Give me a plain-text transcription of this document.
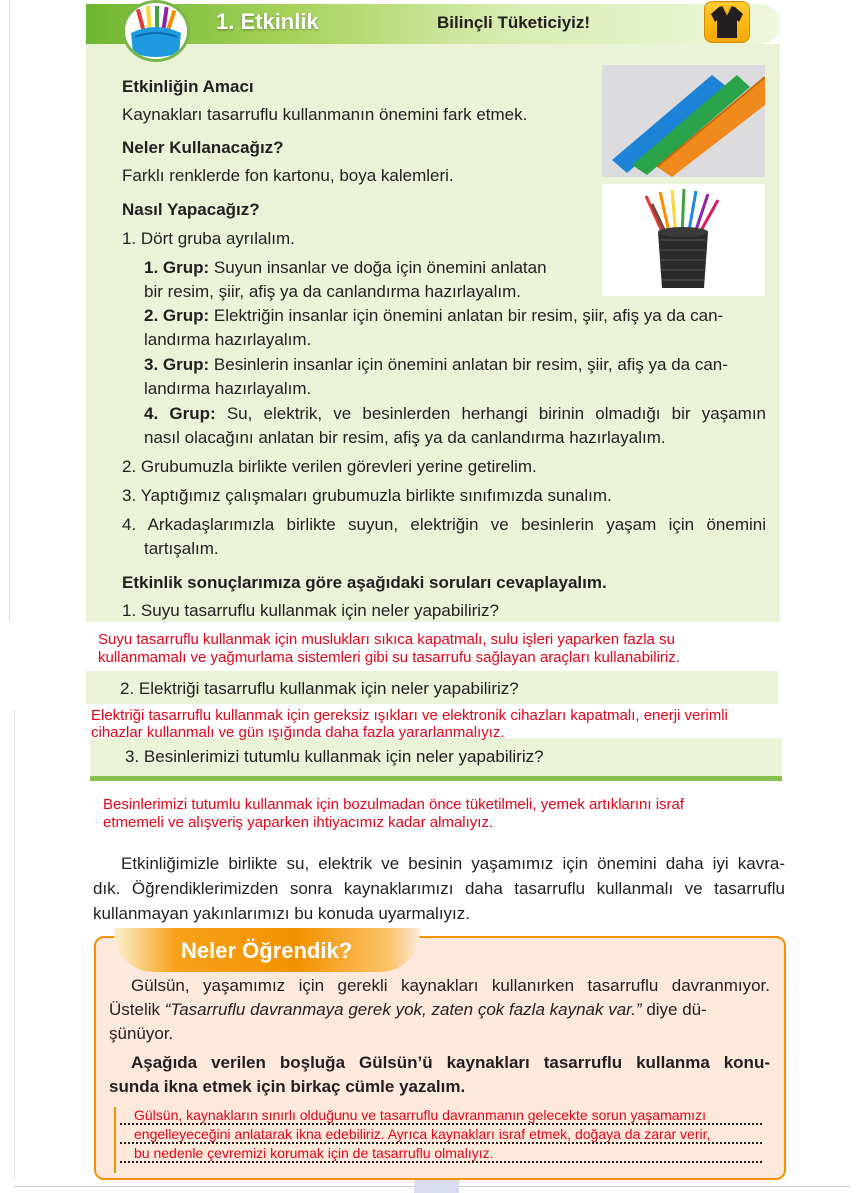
1. Etkinlik	Bilinçli Tüketiciyiz!
Etkinliğin Amacı
Kaynakları tasarruflu kullanmanın önemini fark etmek.
Neler Kullanacağız?
Farklı renklerde fon kartonu, boya kalemleri.
Nasıl Yapacağız?
1. Dört gruba ayrılalım.
1. Grup: Suyun insanlar ve doğa için önemini anlatan
bir resim, şiir, afiş ya da canlandırma hazırlayalım.
2. Grup: Elektriğin insanlar için önemini anlatan bir resim, şiir, afiş ya da can-
landırma hazırlayalım.
3. Grup: Besinlerin insanlar için önemini anlatan bir resim, şiir, afiş ya da can-
landırma hazırlayalım.
4. Grup: Su, elektrik, ve besinlerden herhangi birinin olmadığı bir yaşamın
nasıl olacağını anlatan bir resim, afiş ya da canlandırma hazırlayalım.
2. Grubumuzla birlikte verilen görevleri yerine getirelim.
3. Yaptığımız çalışmaları grubumuzla birlikte sınıfımızda sunalım.
4. Arkadaşlarımızla birlikte suyun, elektriğin ve besinlerin yaşam için önemini
tartışalım.
Etkinlik sonuçlarımıza göre aşağıdaki soruları cevaplayalım.
1. Suyu tasarruflu kullanmak için neler yapabiliriz?
Suyu tasarruflu kullanmak için muslukları sıkıca kapatmalı, sulu işleri yaparken fazla su
kullanmamalı ve yağmurlama sistemleri gibi su tasarrufu sağlayan araçları kullanabiliriz.
2. Elektriği tasarruflu kullanmak için neler yapabiliriz?
Elektriği tasarruflu kullanmak için gereksiz ışıkları ve elektronik cihazları kapatmalı, enerji verimli
cihazlar kullanmalı ve gün ışığında daha fazla yararlanmalıyız.
3. Besinlerimizi tutumlu kullanmak için neler yapabiliriz?
Besinlerimizi tutumlu kullanmak için bozulmadan önce tüketilmeli, yemek artıklarını israf
etmemeli ve alışveriş yaparken ihtiyacımız kadar almalıyız.
Etkinliğimizle birlikte su, elektrik ve besinin yaşamımız için önemini daha iyi kavra-
dık. Öğrendiklerimizden sonra kaynaklarımızı daha tasarruflu kullanmalı ve tasarruflu
kullanmayan yakınlarımızı bu konuda uyarmalıyız.
Neler Öğrendik?
Gülsün, yaşamımız için gerekli kaynakları kullanırken tasarruflu davranmıyor.
Üstelik “Tasarruflu davranmaya gerek yok, zaten çok fazla kaynak var.” diye dü-
şünüyor.
Aşağıda verilen boşluğa Gülsün’ü kaynakları tasarruflu kullanma konu-
sunda ikna etmek için birkaç cümle yazalım.
Gülsün, kaynakların sınırlı olduğunu ve tasarruflu davranmanın gelecekte sorun yaşamamızı
engelleyeceğini anlatarak ikna edebiliriz. Ayrıca kaynakları israf etmek, doğaya da zarar verir,
bu nedenle çevremizi korumak için de tasarruflu olmalıyız.
